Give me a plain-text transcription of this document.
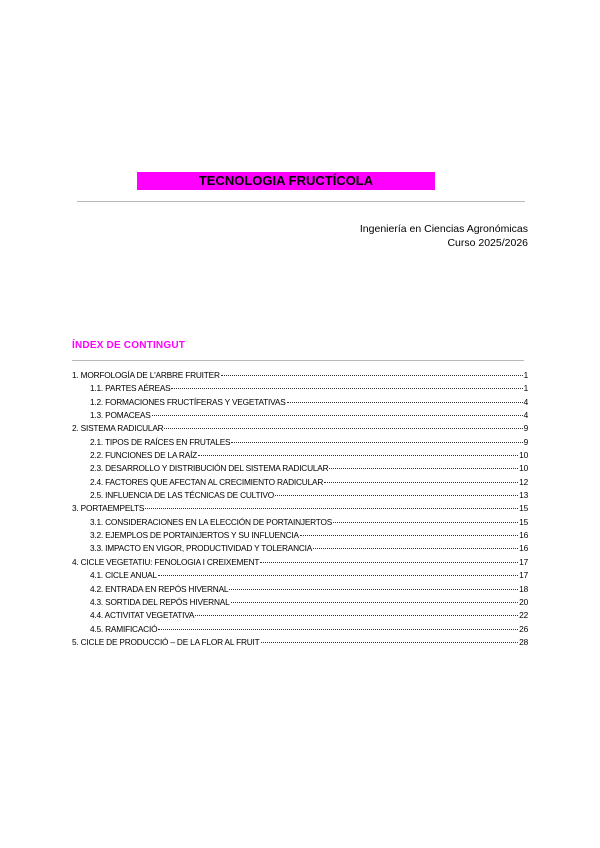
TECNOLOGIA FRUCTÍCOLA
Ingeniería en Ciencias Agronómicas
Curso 2025/2026
ÍNDEX DE CONTINGUT
1. MORFOLOGÍA DE L'ARBRE FRUITER	1
1.1. PARTES AÉREAS	1
1.2. FORMACIONES FRUCTÍFERAS Y VEGETATIVAS	4
1.3. POMACEAS	4
2. SISTEMA RADICULAR	9
2.1. TIPOS DE RAÍCES EN FRUTALES	9
2.2. FUNCIONES DE LA RAÍZ	10
2.3. DESARROLLO Y DISTRIBUCIÓN DEL SISTEMA RADICULAR	10
2.4. FACTORES QUE AFECTAN AL CRECIMIENTO RADICULAR	12
2.5. INFLUENCIA DE LAS TÉCNICAS DE CULTIVO	13
3. PORTAEMPELTS	15
3.1. CONSIDERACIONES EN LA ELECCIÓN DE PORTAINJERTOS	15
3.2. EJEMPLOS DE PORTAINJERTOS Y SU INFLUENCIA	16
3.3. IMPACTO EN VIGOR, PRODUCTIVIDAD Y TOLERANCIA	16
4. CICLE VEGETATIU: FENOLOGIA I CREIXEMENT	17
4.1. CICLE ANUAL	17
4.2. ENTRADA EN REPÓS HIVERNAL	18
4.3. SORTIDA DEL REPÓS HIVERNAL	20
4.4. ACTIVITAT VEGETATIVA	22
4.5. RAMIFICACIÓ	26
5. CICLE DE PRODUCCIÓ – DE LA FLOR AL FRUIT	28
